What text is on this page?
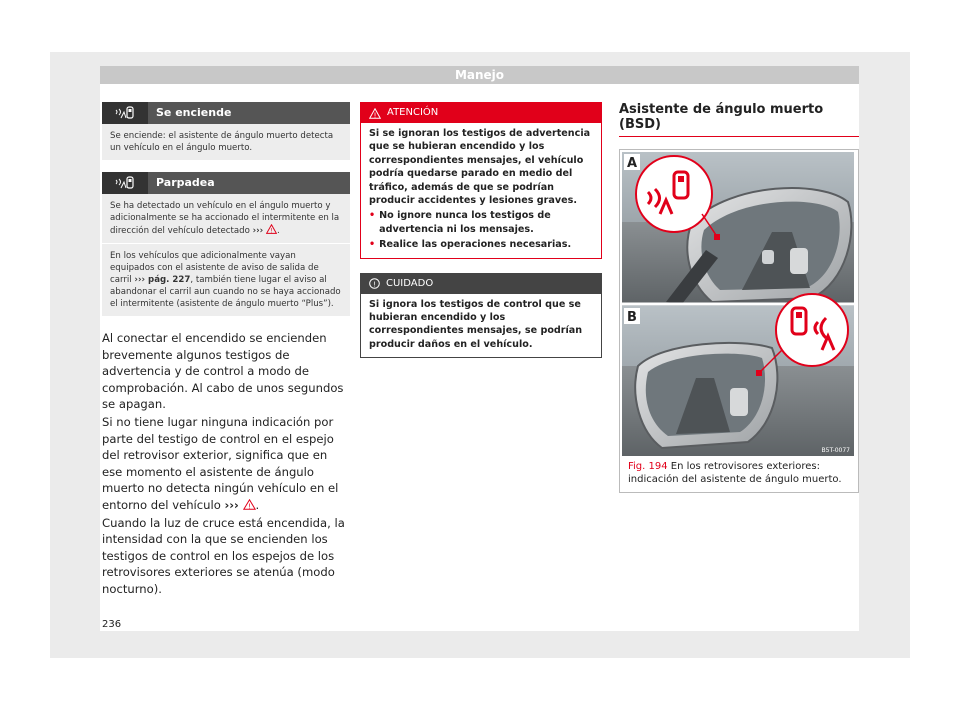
Manejo
Se enciende
Se enciende: el asistente de ángulo muerto detecta un vehículo en el ángulo muerto.
Parpadea
Se ha detectado un vehículo en el ángulo muerto y adicionalmente se ha accionado el intermitente en la dirección del vehículo detectado ››› ! .
En los vehículos que adicionalmente vayan equipados con el asistente de aviso de salida de carril ››› pág. 227, también tiene lugar el aviso al abandonar el carril aun cuando no se haya accionado el intermitente (asistente de ángulo muerto “Plus”).

Al conectar el encendido se encienden brevemente algunos testigos de advertencia y de control a modo de comprobación. Al cabo de unos segundos se apagan.

Si no tiene lugar ninguna indicación por parte del testigo de control en el espejo del retrovisor exterior, significa que en ese momento el asistente de ángulo muerto no detecta ningún vehículo en el entorno del vehículo ››› ! .

Cuando la luz de cruce está encendida, la intensidad con la que se encienden los testigos de control en los espejos de los retrovisores exteriores se atenúa (modo nocturno).

! ATENCIÓN
Si se ignoran los testigos de advertencia que se hubieran encendido y los correspondientes mensajes, el vehículo podría quedarse parado en medio del tráfico, además de que se podrían producir accidentes y lesiones graves.
• No ignore nunca los testigos de advertencia ni los mensajes.
• Realice las operaciones necesarias.
! CUIDADO
Si ignora los testigos de control que se hubieran encendido y los correspondientes mensajes, se podrían producir daños en el vehículo.
Asistente de ángulo muerto (BSD)
A
B
B5T-0077
Fig. 194 En los retrovisores exteriores: indicación del asistente de ángulo muerto.
236
